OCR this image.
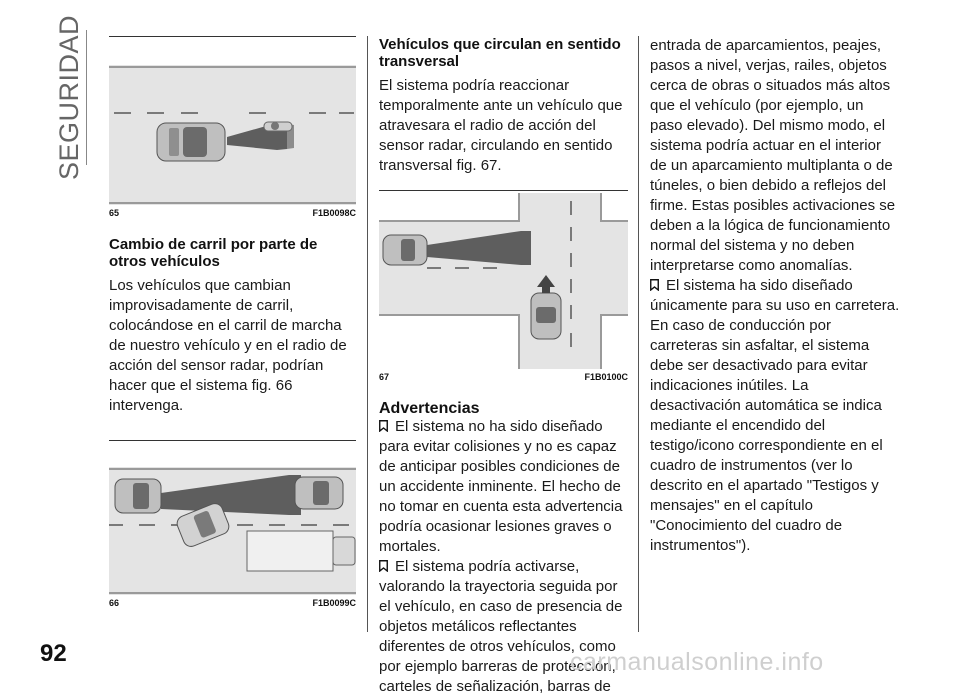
SEGURIDAD
65	F1B0098C
Cambio de carril por parte de otros vehículos

Los vehículos que cambian improvisadamente de carril, colocándose en el carril de marcha de nuestro vehículo y en el radio de acción del sensor radar, podrían hacer que el sistema fig. 66 intervenga.

66	F1B0099C
Vehículos que circulan en sentido transversal

El sistema podría reaccionar temporalmente ante un vehículo que atravesara el radio de acción del sensor radar, circulando en sentido transversal fig. 67.

67	F1B0100C
Advertencias

El sistema no ha sido diseñado para evitar colisiones y no es capaz de anticipar posibles condiciones de un accidente inminente. El hecho de no tomar en cuenta esta advertencia podría ocasionar lesiones graves o mortales.

El sistema podría activarse, valorando la trayectoria seguida por el vehículo, en caso de presencia de objetos metálicos reflectantes diferentes de otros vehículos, como por ejemplo barreras de protección, carteles de señalización, barras de

entrada de aparcamientos, peajes, pasos a nivel, verjas, railes, objetos cerca de obras o situados más altos que el vehículo (por ejemplo, un paso elevado). Del mismo modo, el sistema podría actuar en el interior de un aparcamiento multiplanta o de túneles, o bien debido a reflejos del firme. Estas posibles activaciones se deben a la lógica de funcionamiento normal del sistema y no deben interpretarse como anomalías.

El sistema ha sido diseñado únicamente para su uso en carretera. En caso de conducción por carreteras sin asfaltar, el sistema debe ser desactivado para evitar indicaciones inútiles. La desactivación automática se indica mediante el encendido del testigo/icono correspondiente en el cuadro de instrumentos (ver lo descrito en el apartado "Testigos y mensajes" en el capítulo "Conocimiento del cuadro de instrumentos").

92	carmanualsonline.info
